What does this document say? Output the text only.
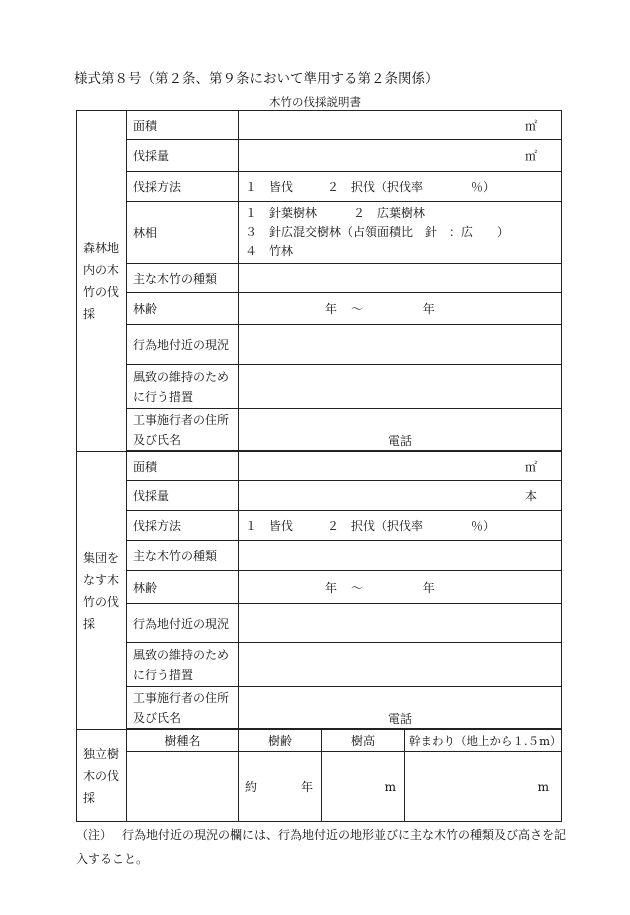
様式第８号（第２条、第９条において準用する第２条関係）
木竹の伐採説明書
森林地内の木竹の伐採	面積	㎡		
	伐採量	㎡		
	伐採方法	１　皆伐 ２　択伐（択伐率　　　　％）		
	林相	１　針葉樹林 ２　広葉樹林
３　針広混交樹林（占領面積比　針　：広　　）
４　竹林		

	主な木竹の種類			
	林齢	年 ～ 年		
	行為地付近の現況			

	風致の維持のため
に行う措置			

	工事施行者の住所
及び氏名	電話		

集団をなす木竹の伐採	面積	㎡		
	伐採量	本		
	伐採方法	１　皆伐 ２　択伐（択伐率　　　　％）		
	主な木竹の種類			
	林齢	年 ～ 年		
	行為地付近の現況			

	風致の維持のため
に行う措置			

	工事施行者の住所
及び氏名	電話		

独立樹木の伐採	樹種名	樹齢	樹高	幹まわり（地上から１.５m）
		約 年	m	m
（注） 行為地付近の現況の欄には、行為地付近の地形並びに主な木竹の種類及び高さを記入すること。
